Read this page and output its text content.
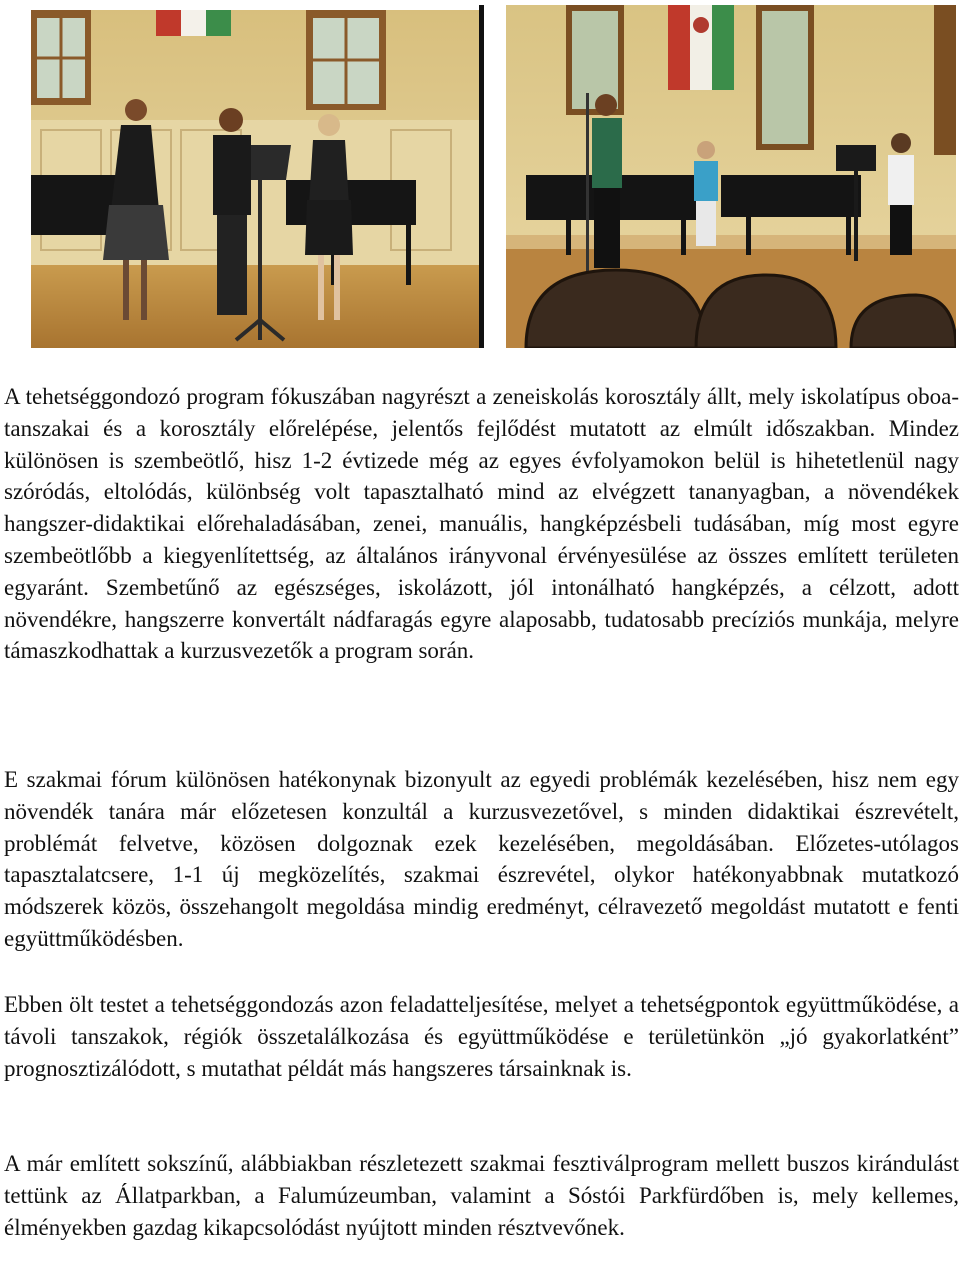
A tehetséggondozó program fókuszában nagyrészt a zeneiskolás korosztály állt, mely iskolatípus oboa-tanszakai és a korosztály előrelépése, jelentős fejlődést mutatott az elmúlt időszakban. Mindez különösen is szembeötlő, hisz 1-2 évtizede még az egyes évfolyamokon belül is hihetetlenül nagy szóródás, eltolódás, különbség volt tapasztalható mind az elvégzett tananyagban, a növendékek hangszer-didaktikai előrehaladásában, zenei, manuális, hangképzésbeli tudásában, míg most egyre szembeötlőbb a kiegyenlítettség, az általános irányvonal érvényesülése az összes említett területen egyaránt. Szembetűnő az egészséges, iskolázott, jól intonálható hangképzés, a célzott, adott növendékre, hangszerre konvertált nádfaragás egyre alaposabb, tudatosabb precíziós munkája, melyre támaszkodhattak a kurzusvezetők a program során.

E szakmai fórum különösen hatékonynak bizonyult az egyedi problémák kezelésében, hisz nem egy növendék tanára már előzetesen konzultál a kurzusvezetővel, s minden didaktikai észrevételt, problémát felvetve, közösen dolgoznak ezek kezelésében, megoldásában. Előzetes-utólagos tapasztalatcsere, 1-1 új megközelítés, szakmai észrevétel, olykor hatékonyabbnak mutatkozó módszerek közös, összehangolt megoldása mindig eredményt, célravezető megoldást mutatott e fenti együttműködésben.

Ebben ölt testet a tehetséggondozás azon feladatteljesítése, melyet a tehetségpontok együttműködése, a távoli tanszakok, régiók összetalálkozása és együttműködése e területünkön „jó gyakorlatként” prognosztizálódott, s mutathat példát más hangszeres társainknak is.

A már említett sokszínű, alábbiakban részletezett szakmai fesztiválprogram mellett buszos kirándulást tettünk az Állatparkban, a Falumúzeumban, valamint a Sóstói Parkfürdőben is, mely kellemes, élményekben gazdag kikapcsolódást nyújtott minden résztvevőnek.
